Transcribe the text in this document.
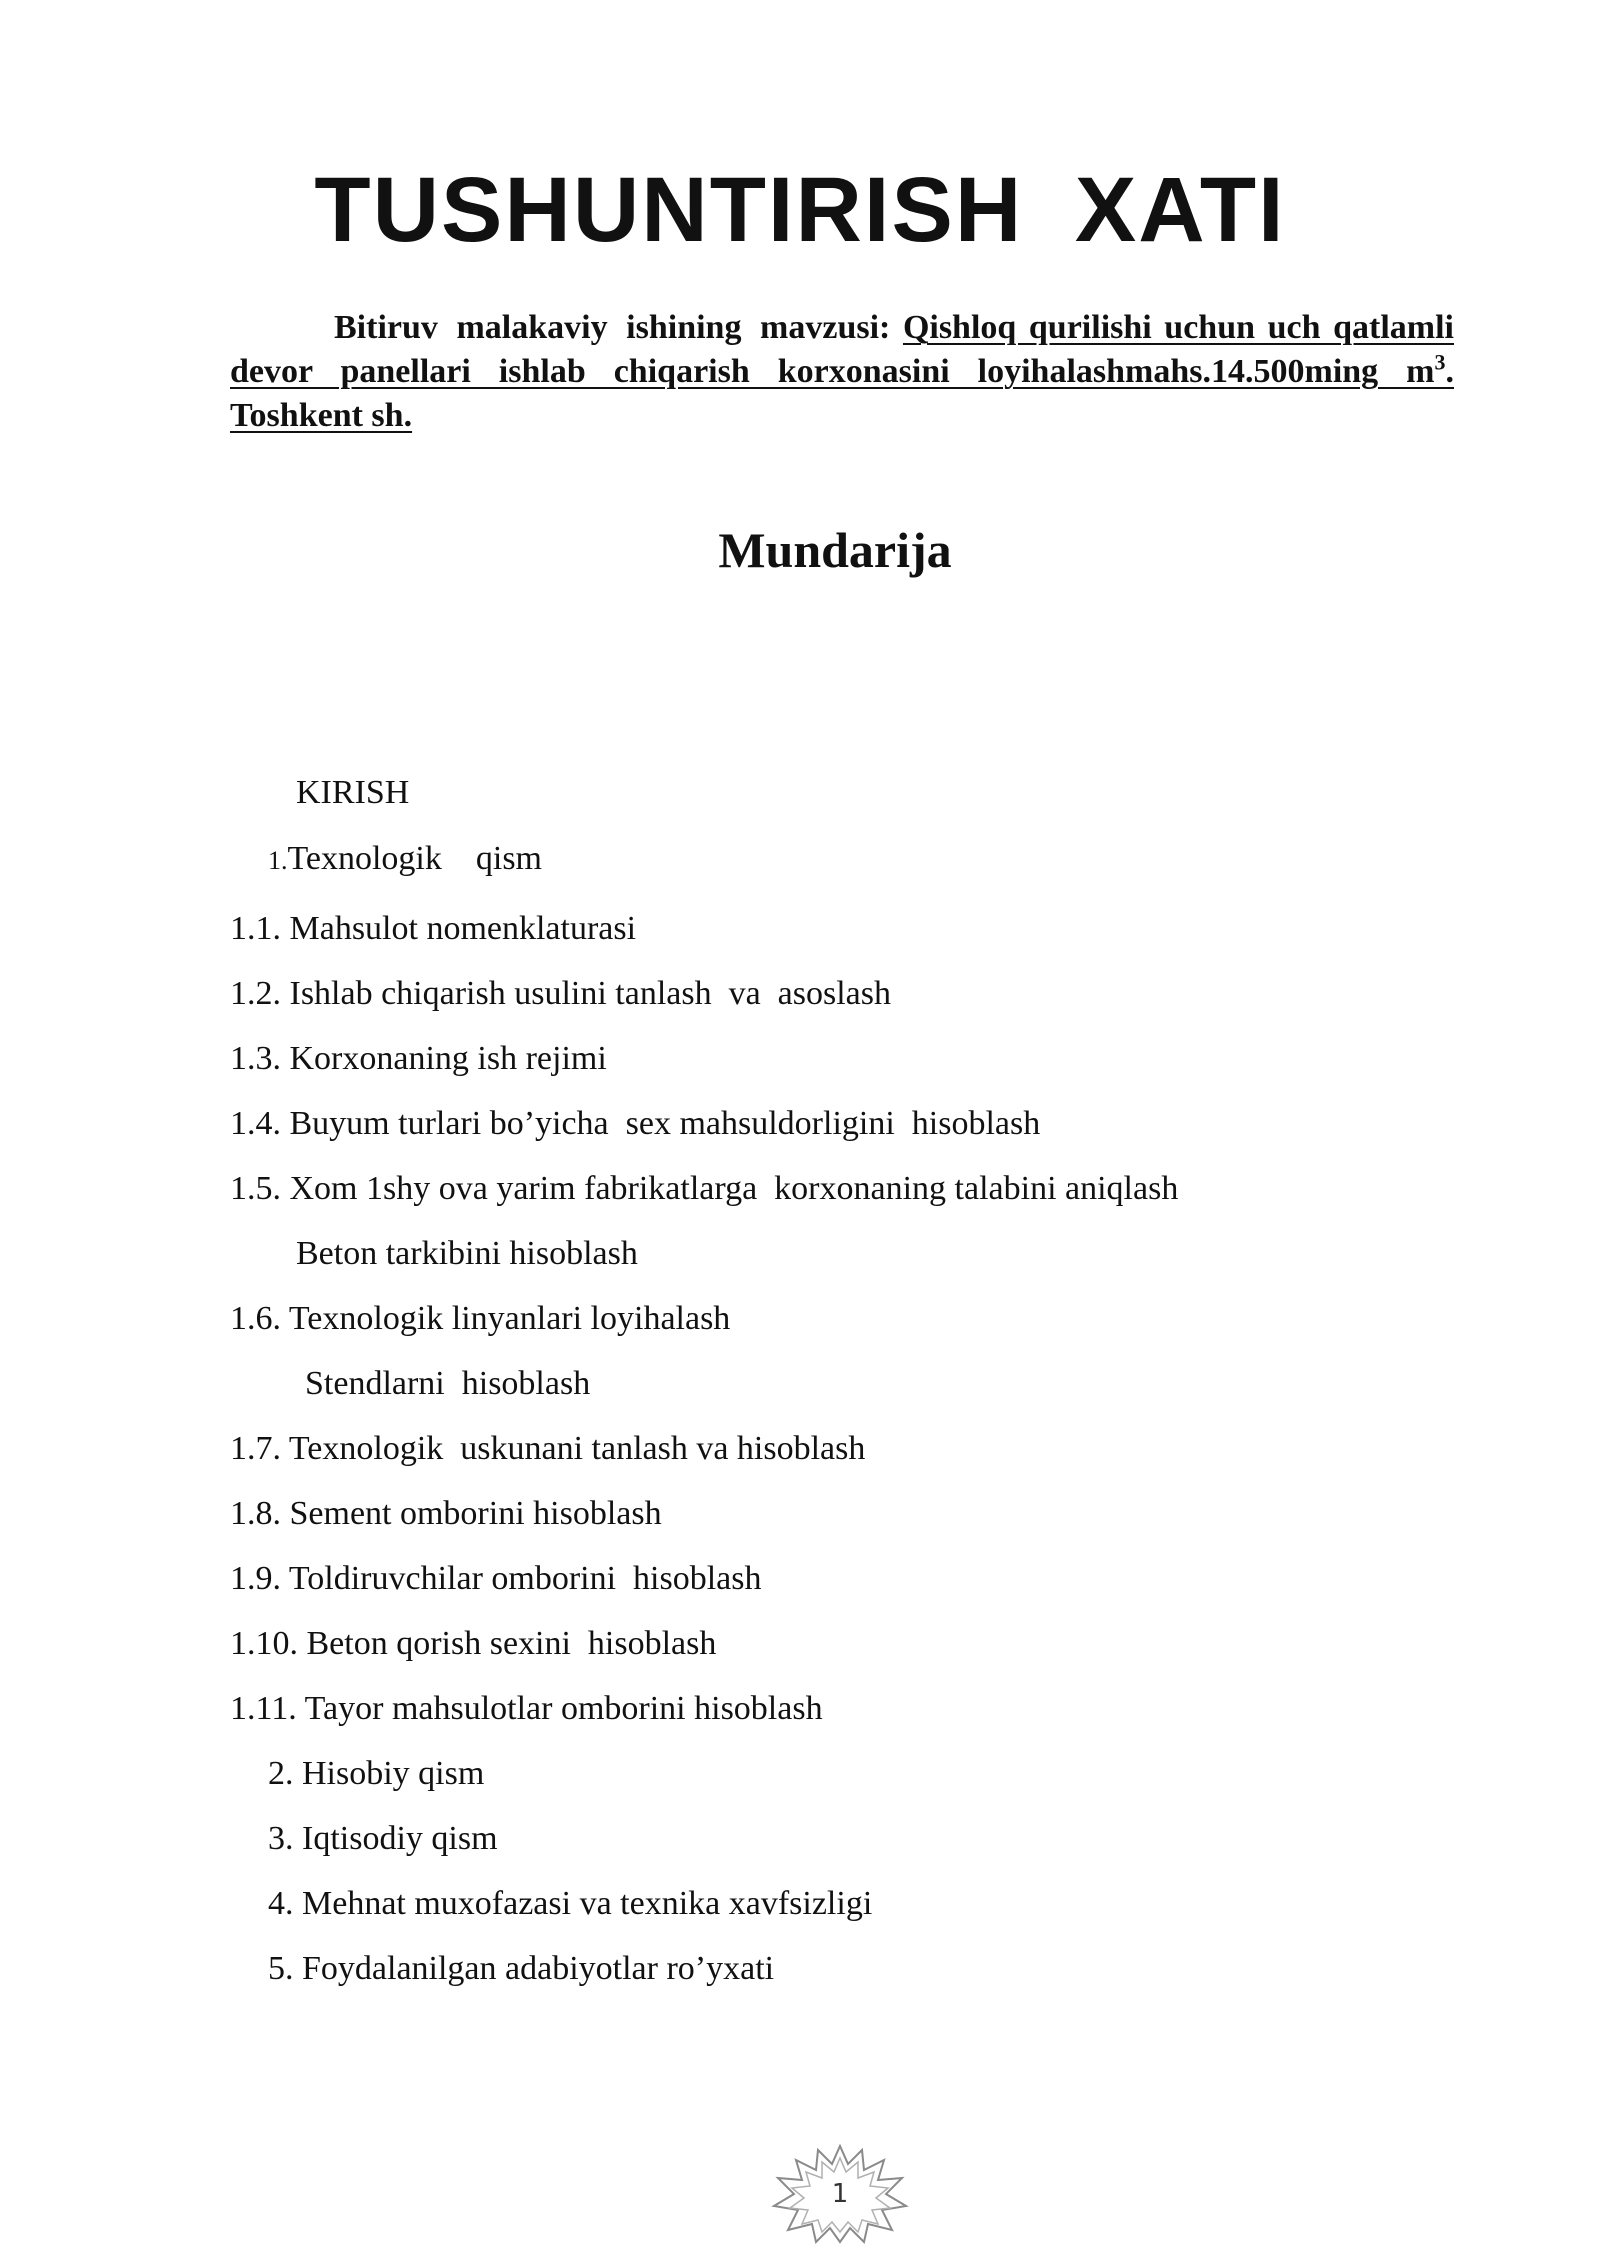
TUSHUNTIRISH XATI

Bitiruv malakaviy ishining mavzusi: Qishloq qurilishi uchun uch qatlamli devor panellari ishlab chiqarish korxonasini loyihalashmahs.14.500ming $m^3$. Toshkent sh.

Mundarija
KIRISH
1.Texnologik    qism
1.1. Mahsulot nomenklaturasi
1.2. Ishlab chiqarish usulini tanlash  va  asoslash
1.3. Korxonaning ish rejimi
1.4. Buyum turlari bo’yicha  sex mahsuldorligini  hisoblash
1.5. Xom 1shy ova yarim fabrikatlarga  korxonaning talabini aniqlash
Beton tarkibini hisoblash
1.6. Texnologik linyanlari loyihalash
Stendlarni  hisoblash
1.7. Texnologik  uskunani tanlash va hisoblash
1.8. Sement omborini hisoblash
1.9. Toldiruvchilar omborini  hisoblash
1.10. Beton qorish sexini  hisoblash
1.11. Tayor mahsulotlar omborini hisoblash
2. Hisobiy qism
3. Iqtisodiy qism
4. Mehnat muxofazasi va texnika xavfsizligi
5. Foydalanilgan adabiyotlar ro’yxati
1
